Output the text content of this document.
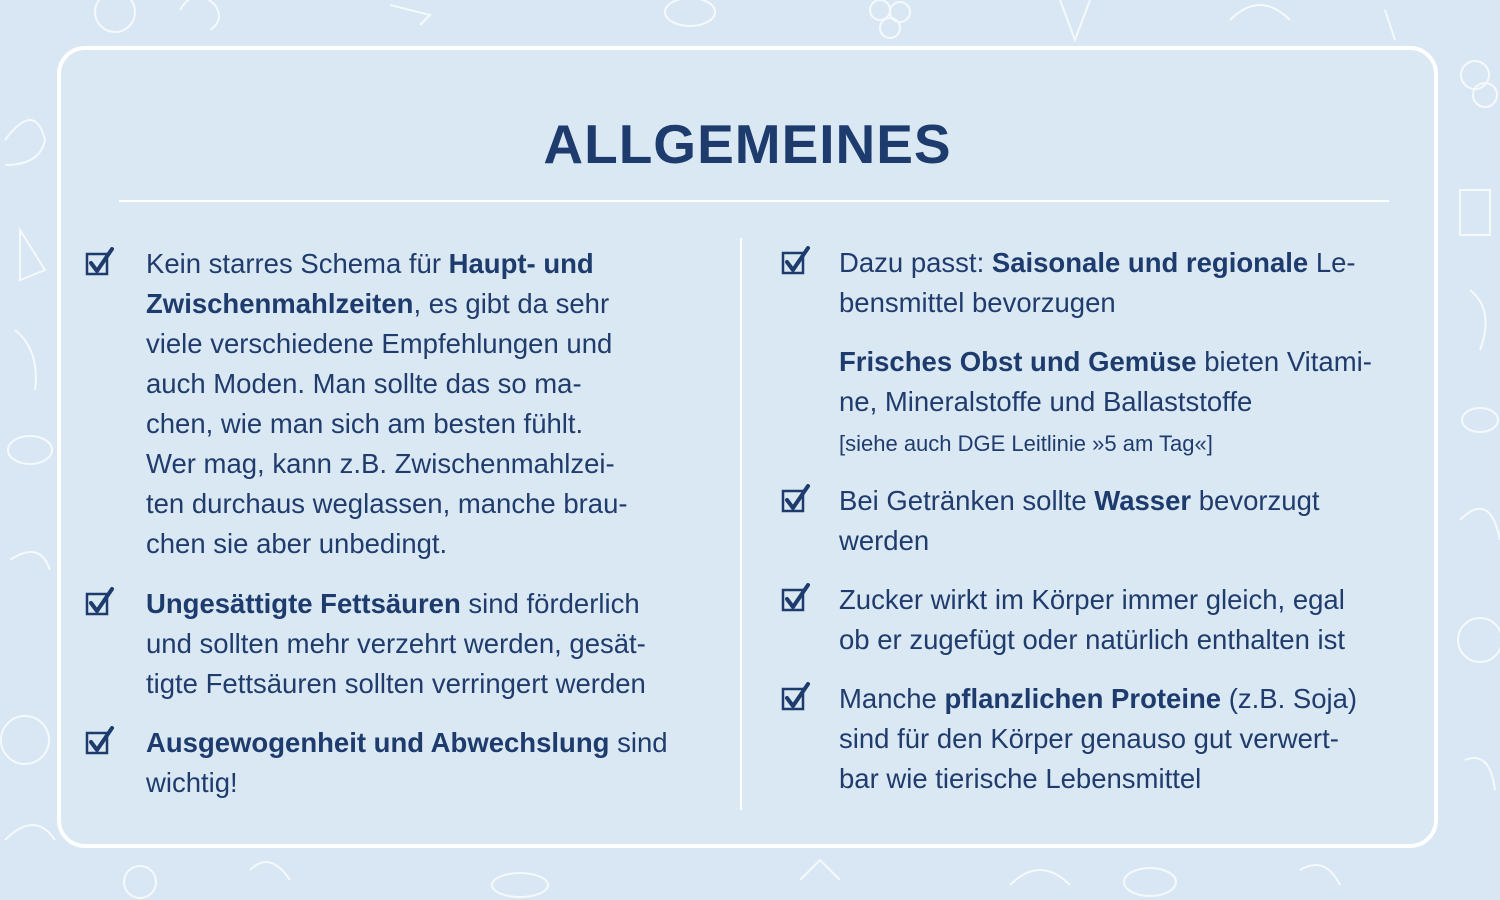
ALLGEMEINES
Kein starres Schema für Haupt- und
Zwischenmahlzeiten, es gibt da sehr
viele verschiedene Empfehlungen und
auch Moden. Man sollte das so ma-
chen, wie man sich am besten fühlt.
Wer mag, kann z.B. Zwischenmahlzei-
ten durchaus weglassen, manche brau-
chen sie aber unbedingt.
Ungesättigte Fettsäuren sind förderlich
und sollten mehr verzehrt werden, gesät-
tigte Fettsäuren sollten verringert werden
Ausgewogenheit und Abwechslung sind
wichtig!
Dazu passt: Saisonale und regionale Le-
bensmittel bevorzugen
Frisches Obst und Gemüse bieten Vitami-
ne, Mineralstoffe und Ballaststoffe
[siehe auch DGE Leitlinie »5 am Tag«]
Bei Getränken sollte Wasser bevorzugt
werden
Zucker wirkt im Körper immer gleich, egal
ob er zugefügt oder natürlich enthalten ist
Manche pflanzlichen Proteine (z.B. Soja)
sind für den Körper genauso gut verwert-
bar wie tierische Lebensmittel
